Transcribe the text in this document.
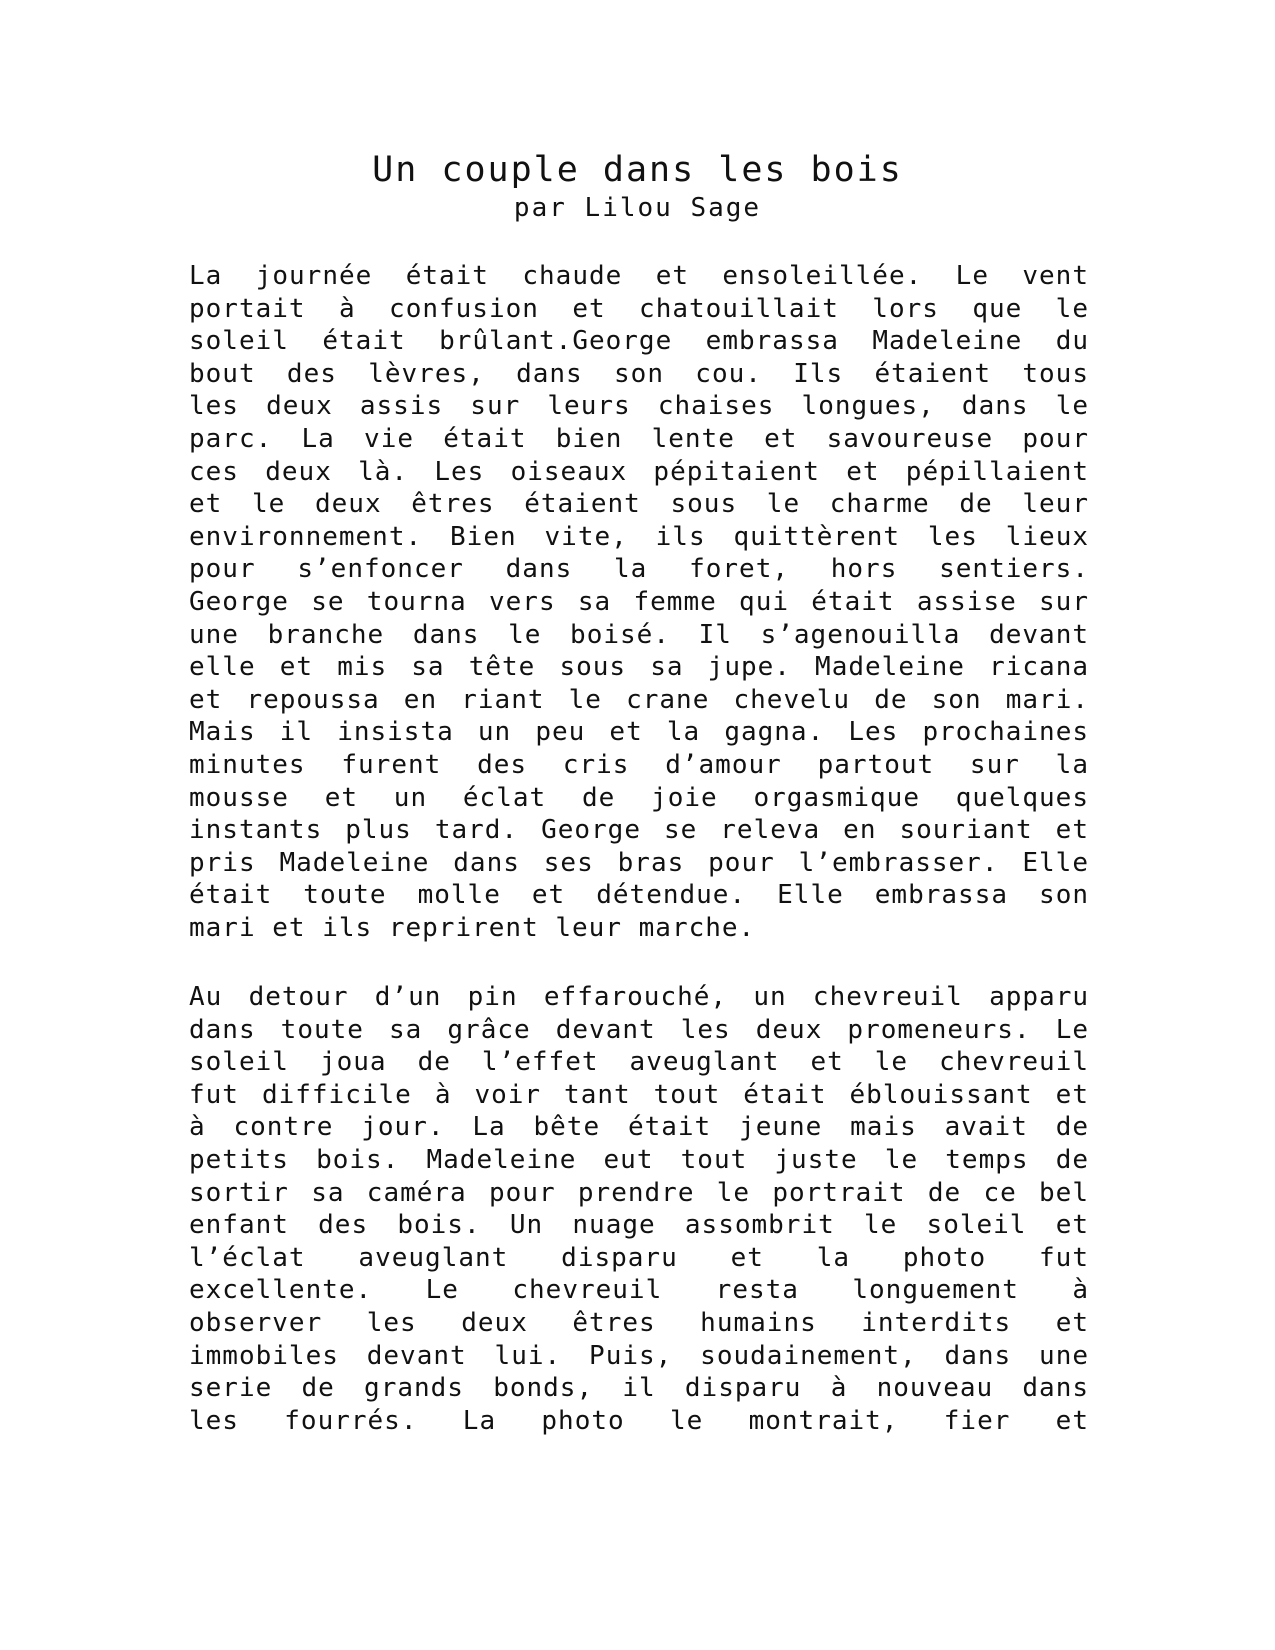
Un couple dans les bois
par Lilou Sage
La journée était chaude et ensoleillée. Le vent
portait à confusion et chatouillait lors que le
soleil était brûlant.George embrassa Madeleine du
bout des lèvres, dans son cou. Ils étaient tous
les deux assis sur leurs chaises longues, dans le
parc. La vie était bien lente et savoureuse pour
ces deux là. Les oiseaux pépitaient et pépillaient
et le deux êtres étaient sous le charme de leur
environnement. Bien vite, ils quittèrent les lieux
pour s’enfoncer dans la foret, hors sentiers.
George se tourna vers sa femme qui était assise sur
une branche dans le boisé. Il s’agenouilla devant
elle et mis sa tête sous sa jupe. Madeleine ricana
et repoussa en riant le crane chevelu de son mari.
Mais il insista un peu et la gagna. Les prochaines
minutes furent des cris d’amour partout sur la
mousse et un éclat de joie orgasmique quelques
instants plus tard. George se releva en souriant et
pris Madeleine dans ses bras pour l’embrasser. Elle
était toute molle et détendue. Elle embrassa son
mari et ils reprirent leur marche.
Au detour d’un pin effarouché, un chevreuil apparu
dans toute sa grâce devant les deux promeneurs. Le
soleil joua de l’effet aveuglant et le chevreuil
fut difficile à voir tant tout était éblouissant et
à contre jour. La bête était jeune mais avait de
petits bois. Madeleine eut tout juste le temps de
sortir sa caméra pour prendre le portrait de ce bel
enfant des bois. Un nuage assombrit le soleil et
l’éclat aveuglant disparu et la photo fut
excellente. Le chevreuil resta longuement à
observer les deux êtres humains interdits et
immobiles devant lui. Puis, soudainement, dans une
serie de grands bonds, il disparu à nouveau dans
les fourrés. La photo le montrait, fier et
